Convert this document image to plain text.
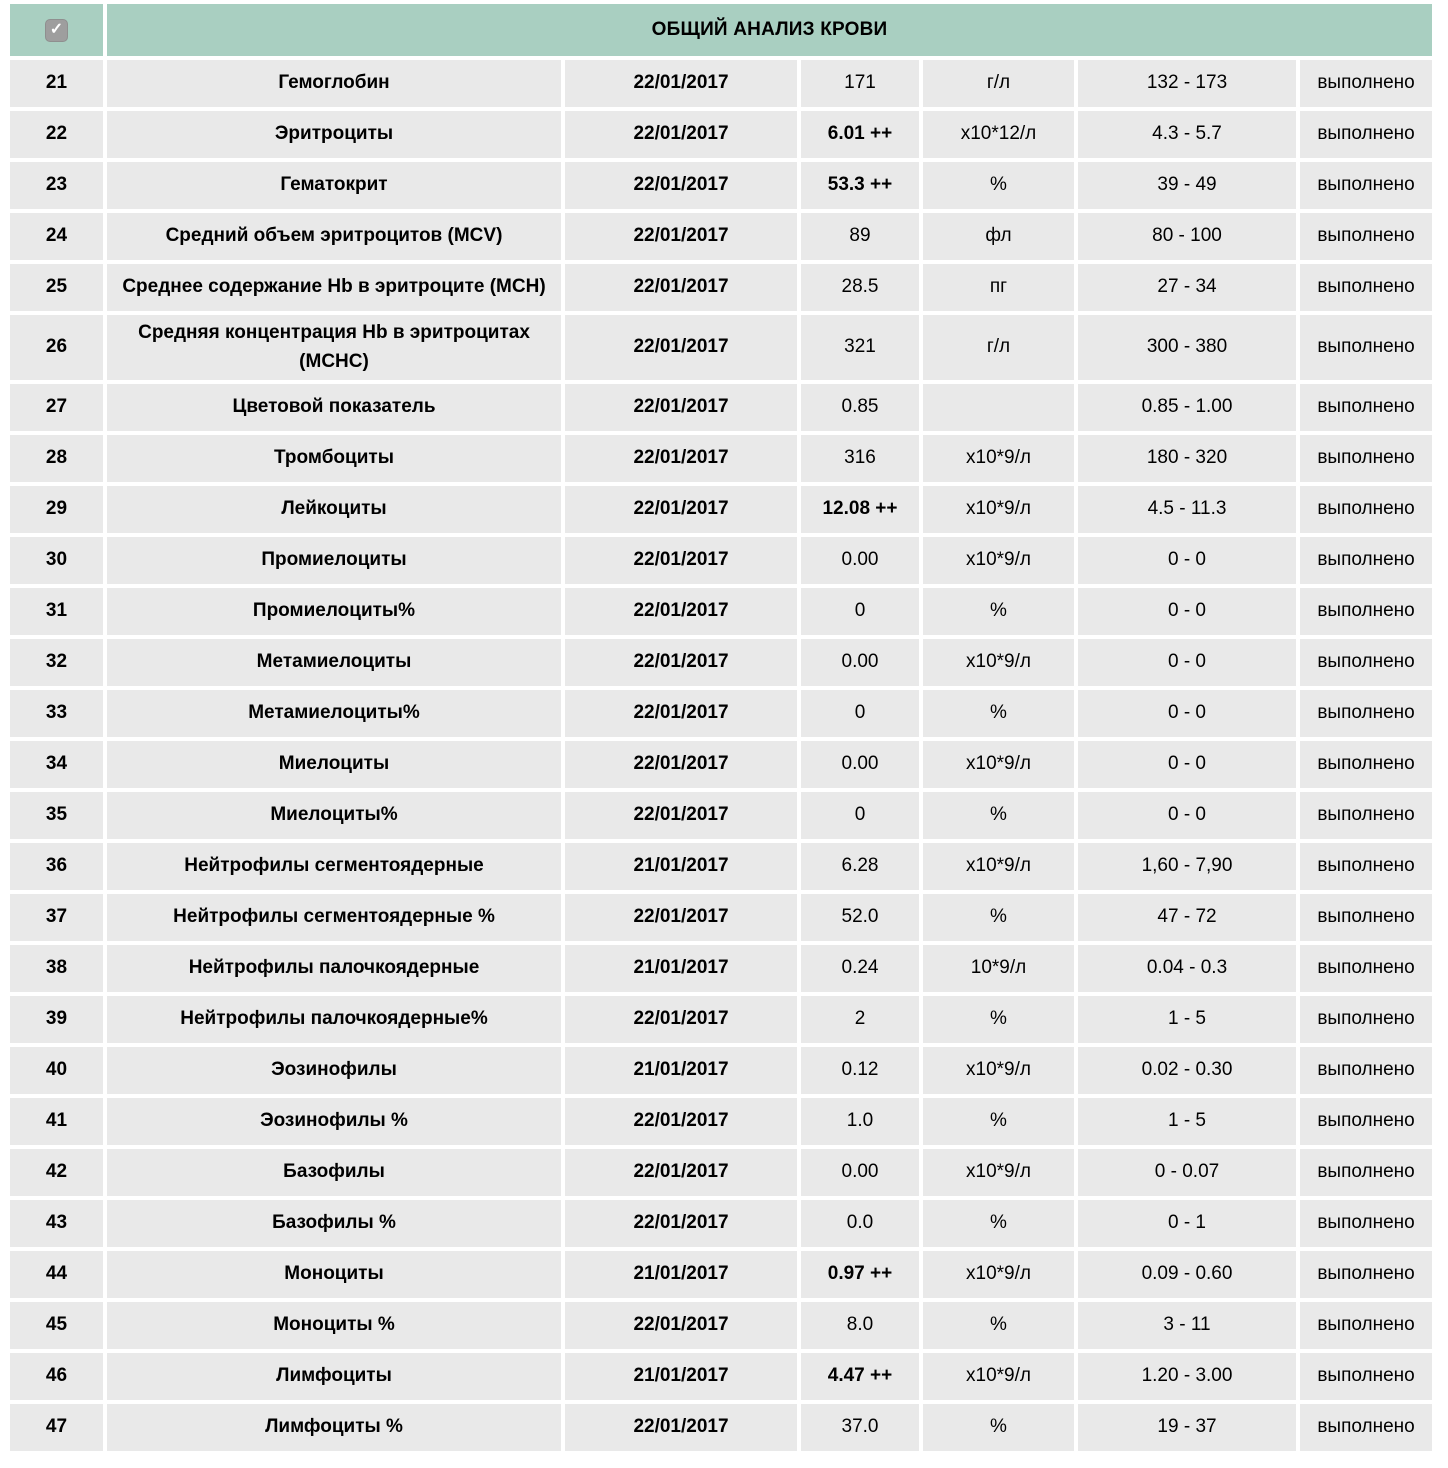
✓	ОБЩИЙ АНАЛИЗ КРОВИ					
21	Гемоглобин	22/01/2017	171	г/л	132 - 173	выполнено
22	Эритроциты	22/01/2017	6.01 ++	х10*12/л	4.3 - 5.7	выполнено
23	Гематокрит	22/01/2017	53.3 ++	%	39 - 49	выполнено
24	Средний объем эритроцитов (MCV)	22/01/2017	89	фл	80 - 100	выполнено
25	Среднее содержание Hb в эритроците (MCH)	22/01/2017	28.5	пг	27 - 34	выполнено
26	Средняя концентрация Hb в эритроцитах (MCHC)	22/01/2017	321	г/л	300 - 380	выполнено
27	Цветовой показатель	22/01/2017	0.85		0.85 - 1.00	выполнено
28	Тромбоциты	22/01/2017	316	х10*9/л	180 - 320	выполнено
29	Лейкоциты	22/01/2017	12.08 ++	х10*9/л	4.5 - 11.3	выполнено
30	Промиелоциты	22/01/2017	0.00	х10*9/л	0 - 0	выполнено
31	Промиелоциты%	22/01/2017	0	%	0 - 0	выполнено
32	Метамиелоциты	22/01/2017	0.00	х10*9/л	0 - 0	выполнено
33	Метамиелоциты%	22/01/2017	0	%	0 - 0	выполнено
34	Миелоциты	22/01/2017	0.00	х10*9/л	0 - 0	выполнено
35	Миелоциты%	22/01/2017	0	%	0 - 0	выполнено
36	Нейтрофилы сегментоядерные	21/01/2017	6.28	х10*9/л	1,60 - 7,90	выполнено
37	Нейтрофилы сегментоядерные %	22/01/2017	52.0	%	47 - 72	выполнено
38	Нейтрофилы палочкоядерные	21/01/2017	0.24	10*9/л	0.04 - 0.3	выполнено
39	Нейтрофилы палочкоядерные%	22/01/2017	2	%	1 - 5	выполнено
40	Эозинофилы	21/01/2017	0.12	х10*9/л	0.02 - 0.30	выполнено
41	Эозинофилы %	22/01/2017	1.0	%	1 - 5	выполнено
42	Базофилы	22/01/2017	0.00	х10*9/л	0 - 0.07	выполнено
43	Базофилы %	22/01/2017	0.0	%	0 - 1	выполнено
44	Моноциты	21/01/2017	0.97 ++	х10*9/л	0.09 - 0.60	выполнено
45	Моноциты %	22/01/2017	8.0	%	3 - 11	выполнено
46	Лимфоциты	21/01/2017	4.47 ++	х10*9/л	1.20 - 3.00	выполнено
47	Лимфоциты %	22/01/2017	37.0	%	19 - 37	выполнено
